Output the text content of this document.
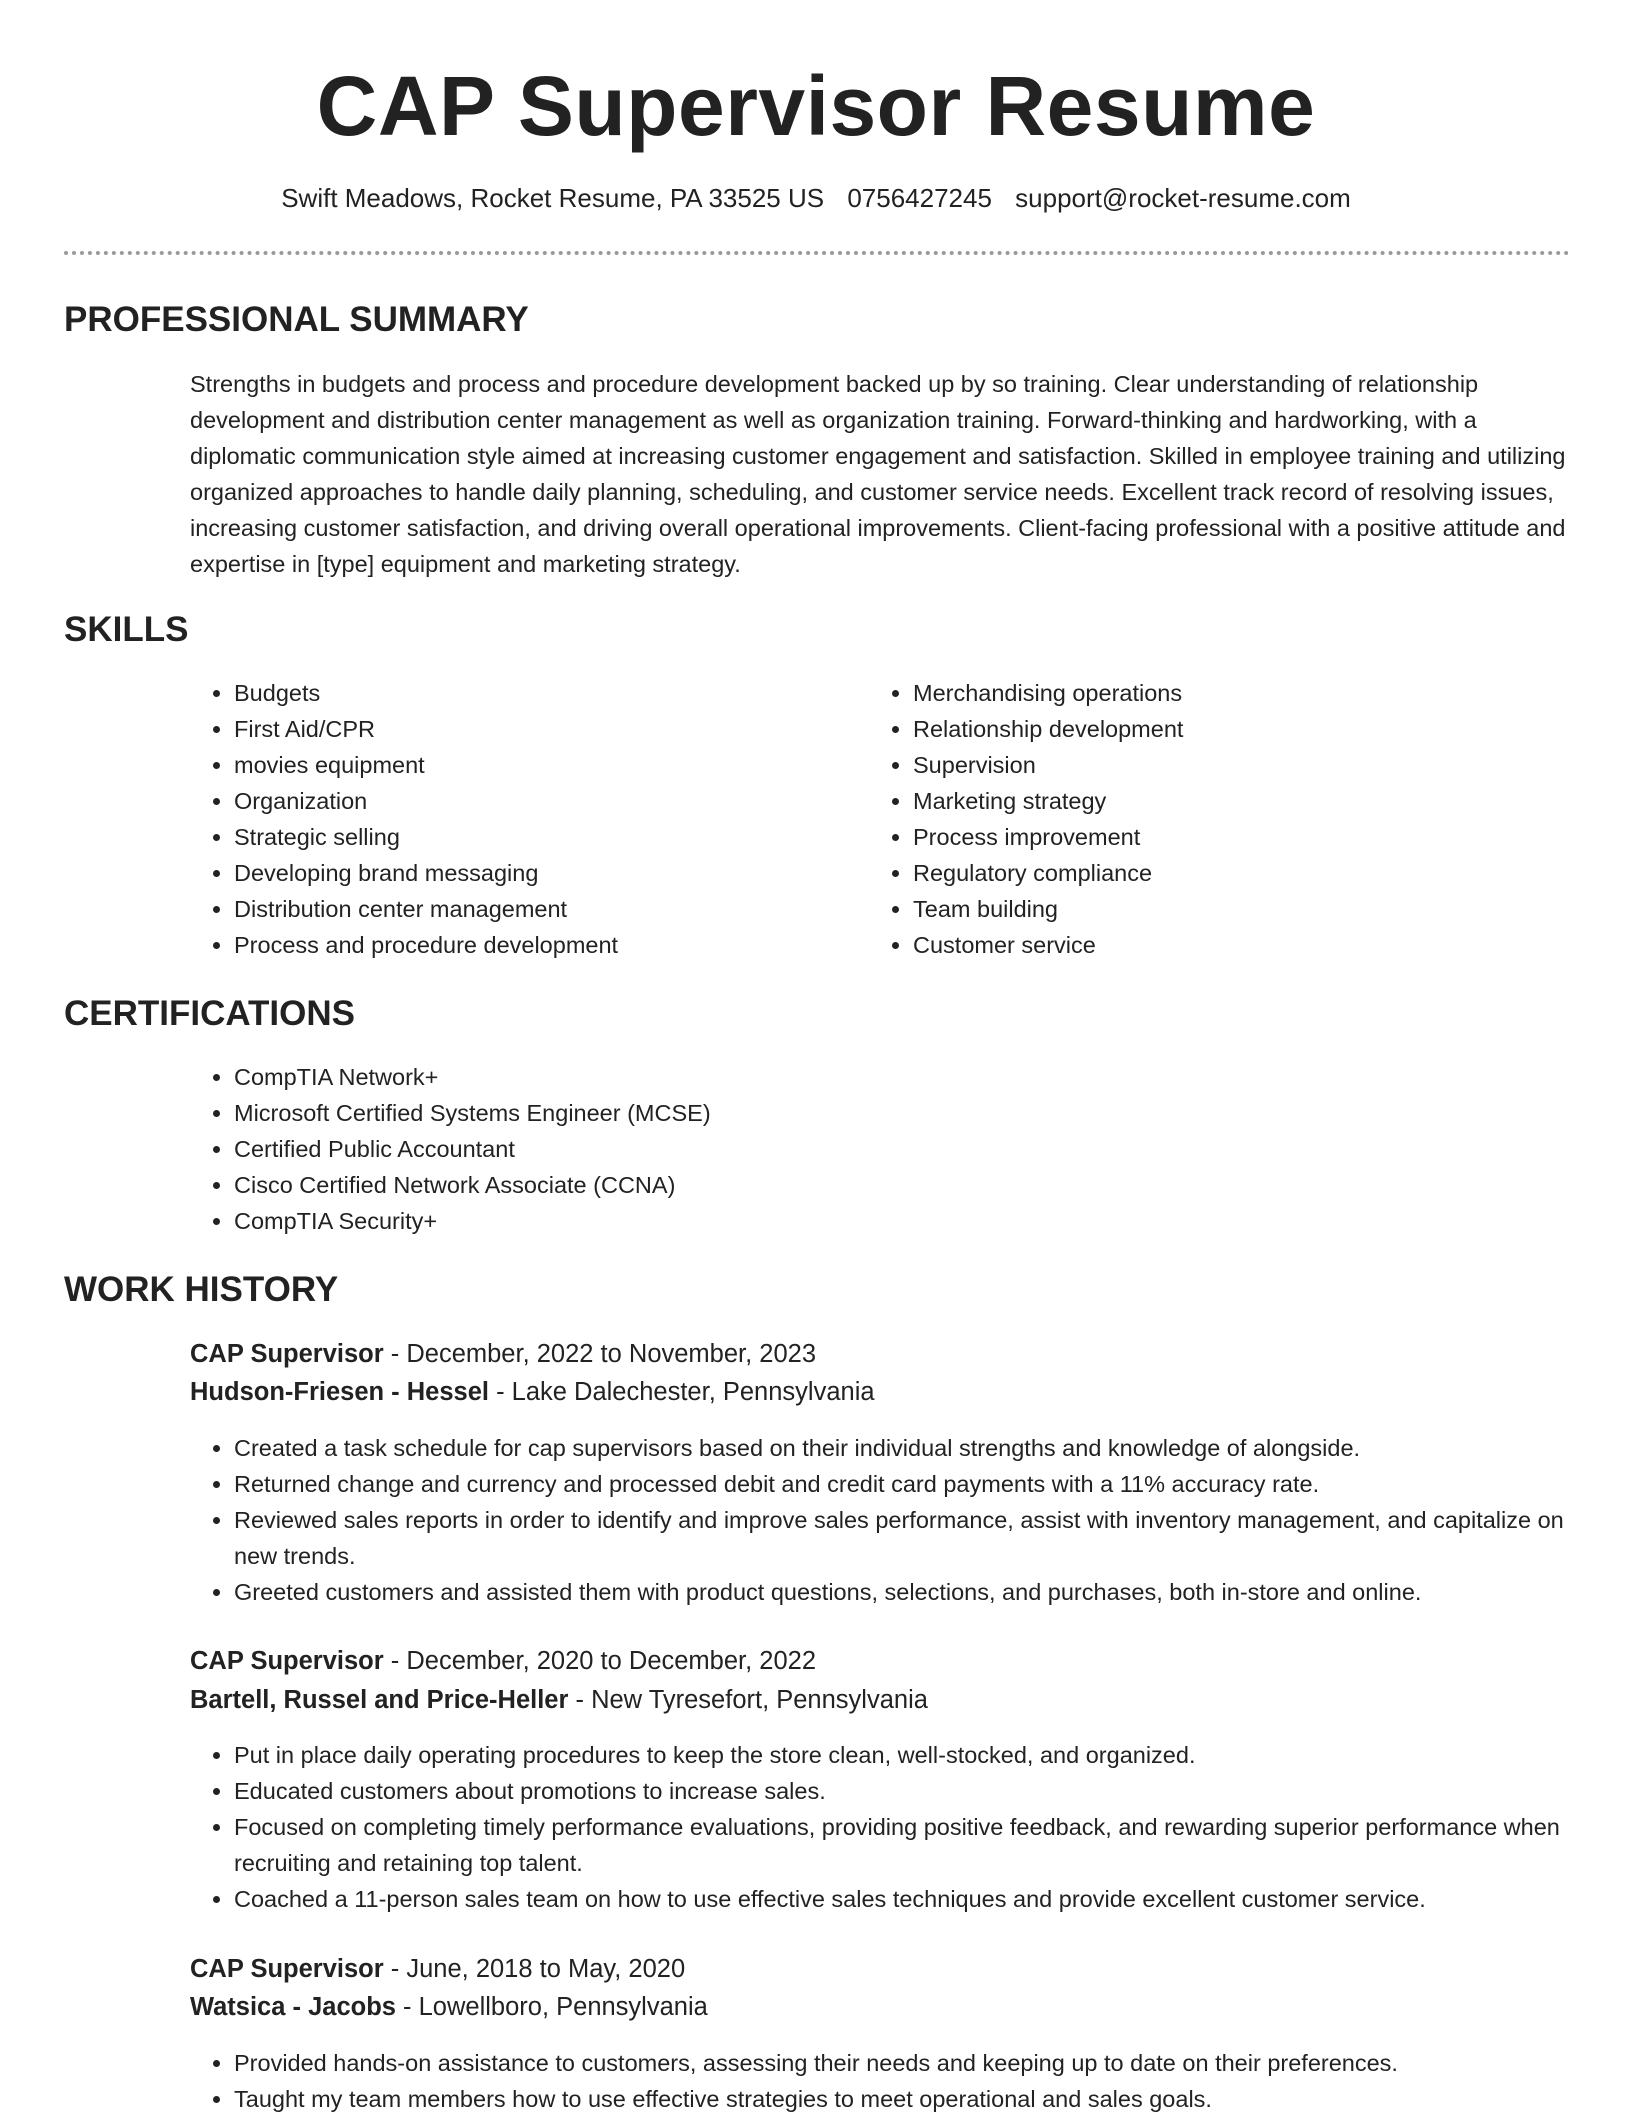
CAP Supervisor Resume
Swift Meadows, Rocket Resume, PA 33525 US 0756427245 support@rocket-resume.com
PROFESSIONAL SUMMARY

Strengths in budgets and process and procedure development backed up by so training. Clear understanding of relationship development and distribution center management as well as organization training. Forward-thinking and hardworking, with a diplomatic communication style aimed at increasing customer engagement and satisfaction. Skilled in employee training and utilizing organized approaches to handle daily planning, scheduling, and customer service needs. Excellent track record of resolving issues, increasing customer satisfaction, and driving overall operational improvements. Client-facing professional with a positive attitude and expertise in [type] equipment and marketing strategy.

SKILLS
• Budgets
• First Aid/CPR
• movies equipment
• Organization
• Strategic selling
• Developing brand messaging
• Distribution center management
• Process and procedure development
• Merchandising operations
• Relationship development
• Supervision
• Marketing strategy
• Process improvement
• Regulatory compliance
• Team building
• Customer service
CERTIFICATIONS
• CompTIA Network+
• Microsoft Certified Systems Engineer (MCSE)
• Certified Public Accountant
• Cisco Certified Network Associate (CCNA)
• CompTIA Security+
WORK HISTORY
CAP Supervisor - December, 2022 to November, 2023
Hudson-Friesen - Hessel - Lake Dalechester, Pennsylvania
• Created a task schedule for cap supervisors based on their individual strengths and knowledge of alongside.
• Returned change and currency and processed debit and credit card payments with a 11% accuracy rate.
• Reviewed sales reports in order to identify and improve sales performance, assist with inventory management, and capitalize on new trends.
• Greeted customers and assisted them with product questions, selections, and purchases, both in-store and online.
CAP Supervisor - December, 2020 to December, 2022
Bartell, Russel and Price-Heller - New Tyresefort, Pennsylvania
• Put in place daily operating procedures to keep the store clean, well-stocked, and organized.
• Educated customers about promotions to increase sales.
• Focused on completing timely performance evaluations, providing positive feedback, and rewarding superior performance when recruiting and retaining top talent.
• Coached a 11-person sales team on how to use effective sales techniques and provide excellent customer service.
CAP Supervisor - June, 2018 to May, 2020
Watsica - Jacobs - Lowellboro, Pennsylvania
• Provided hands-on assistance to customers, assessing their needs and keeping up to date on their preferences.
• Taught my team members how to use effective strategies to meet operational and sales goals.
